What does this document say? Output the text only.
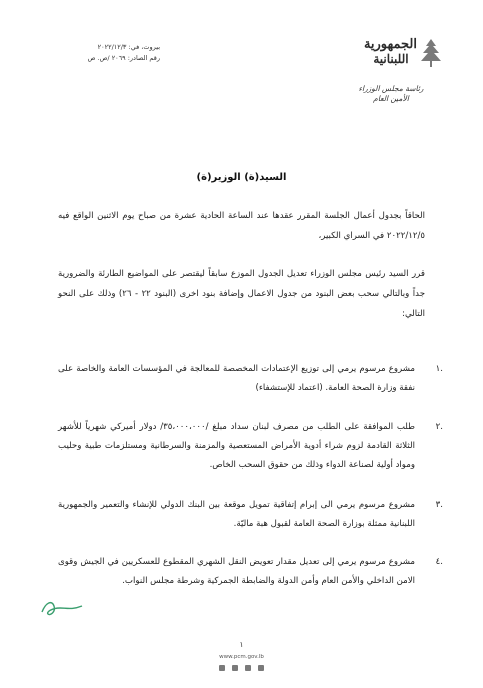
بيروت، في: ٢٠٢٢/١٢/٣
رقم الصادر: ٢٠٦٩ /ص. ص
الجمهورية
اللبنانية
رئاسة مجلس الوزراء
الأمين العام
السيد(ة) الوزير(ة)
الحاقاً بجدول أعمال الجلسة المقرر عقدها عند الساعة الحادية عشرة من صباح يوم الاثنين الواقع فيه ٢٠٢٢/١٢/٥ في السراي الكبير،
قرر السيد رئيس مجلس الوزراء تعديل الجدول الموزع سابقاً ليقتصر على المواضيع الطارئة والضرورية جداً وبالتالي سحب بعض البنود من جدول الاعمال وإضافة بنود اخرى (البنود ٢٢ - ٢٦) وذلك على النحو التالي:
.١
مشروع مرسوم يرمي إلى توزيع الإعتمادات المخصصة للمعالجة في المؤسسات العامة والخاصة على نفقة وزارة الصحة العامة. (اعتماد للإستشفاء)
.٢
طلب الموافقة على الطلب من مصرف لبنان سداد مبلغ /٣٥،٠٠٠،٠٠٠/ دولار أميركي شهرياً للأشهر الثلاثة القادمة لزوم شراء أدوية الأمراض المستعصية والمزمنة والسرطانية ومستلزمات طبية وحليب ومواد أولية لصناعة الدواء وذلك من حقوق السحب الخاص.
.٣
مشروع مرسوم يرمي الى إبرام إتفاقية تمويل موقعة بين البنك الدولي للإنشاء والتعمير والجمهورية اللبنانية ممثلة بوزارة الصحة العامة لقبول هبة ماليّة.
.٤
مشروع مرسوم يرمي إلى تعديل مقدار تعويض النقل الشهري المقطوع للعسكريين في الجيش وقوى الامن الداخلي والأمن العام وأمن الدولة والضابطة الجمركية وشرطة مجلس النواب.
١
www.pcm.gov.lb
